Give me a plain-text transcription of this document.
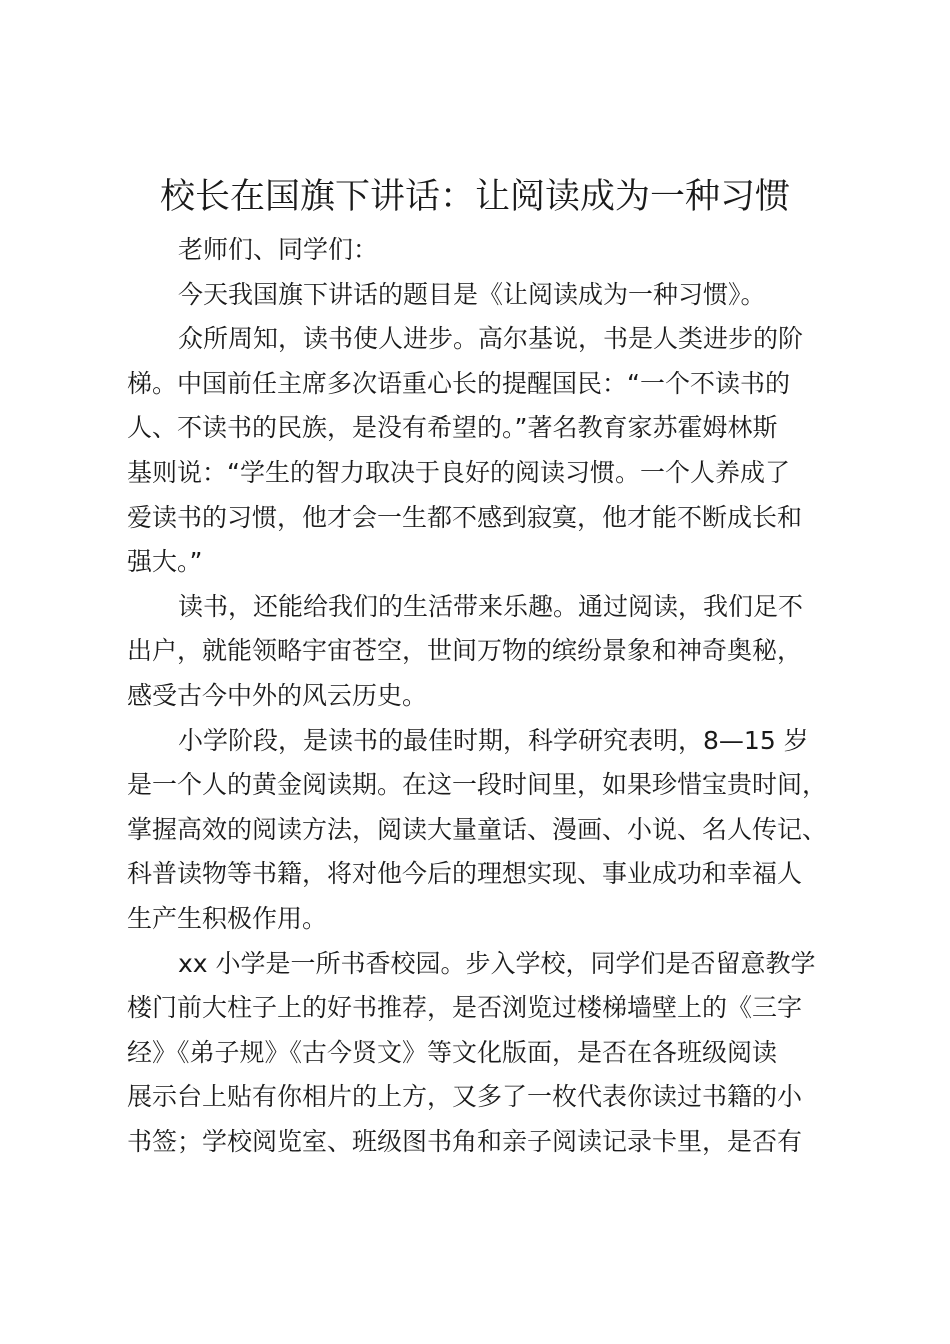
校长在国旗下讲话：让阅读成为一种习惯
老师们、同学们：
今天我国旗下讲话的题目是《让阅读成为一种习惯》。
众所周知，读书使人进步。高尔基说，书是人类进步的阶
梯。中国前任主席多次语重心长的提醒国民：“一个不读书的
人、不读书的民族，是没有希望的。”著名教育家苏霍姆林斯
基则说：“学生的智力取决于良好的阅读习惯。一个人养成了
爱读书的习惯，他才会一生都不感到寂寞，他才能不断成长和
强大。”
读书，还能给我们的生活带来乐趣。通过阅读，我们足不
出户，就能领略宇宙苍空，世间万物的缤纷景象和神奇奥秘，
感受古今中外的风云历史。
小学阶段，是读书的最佳时期，科学研究表明，8—15 岁
是一个人的黄金阅读期。在这一段时间里，如果珍惜宝贵时间，
掌握高效的阅读方法，阅读大量童话、漫画、小说、名人传记、
科普读物等书籍，将对他今后的理想实现、事业成功和幸福人
生产生积极作用。
xx 小学是一所书香校园。步入学校，同学们是否留意教学
楼门前大柱子上的好书推荐，是否浏览过楼梯墙壁上的《三字
经》《弟子规》《古今贤文》等文化版面，是否在各班级阅读
展示台上贴有你相片的上方，又多了一枚代表你读过书籍的小
书签；学校阅览室、班级图书角和亲子阅读记录卡里，是否有
